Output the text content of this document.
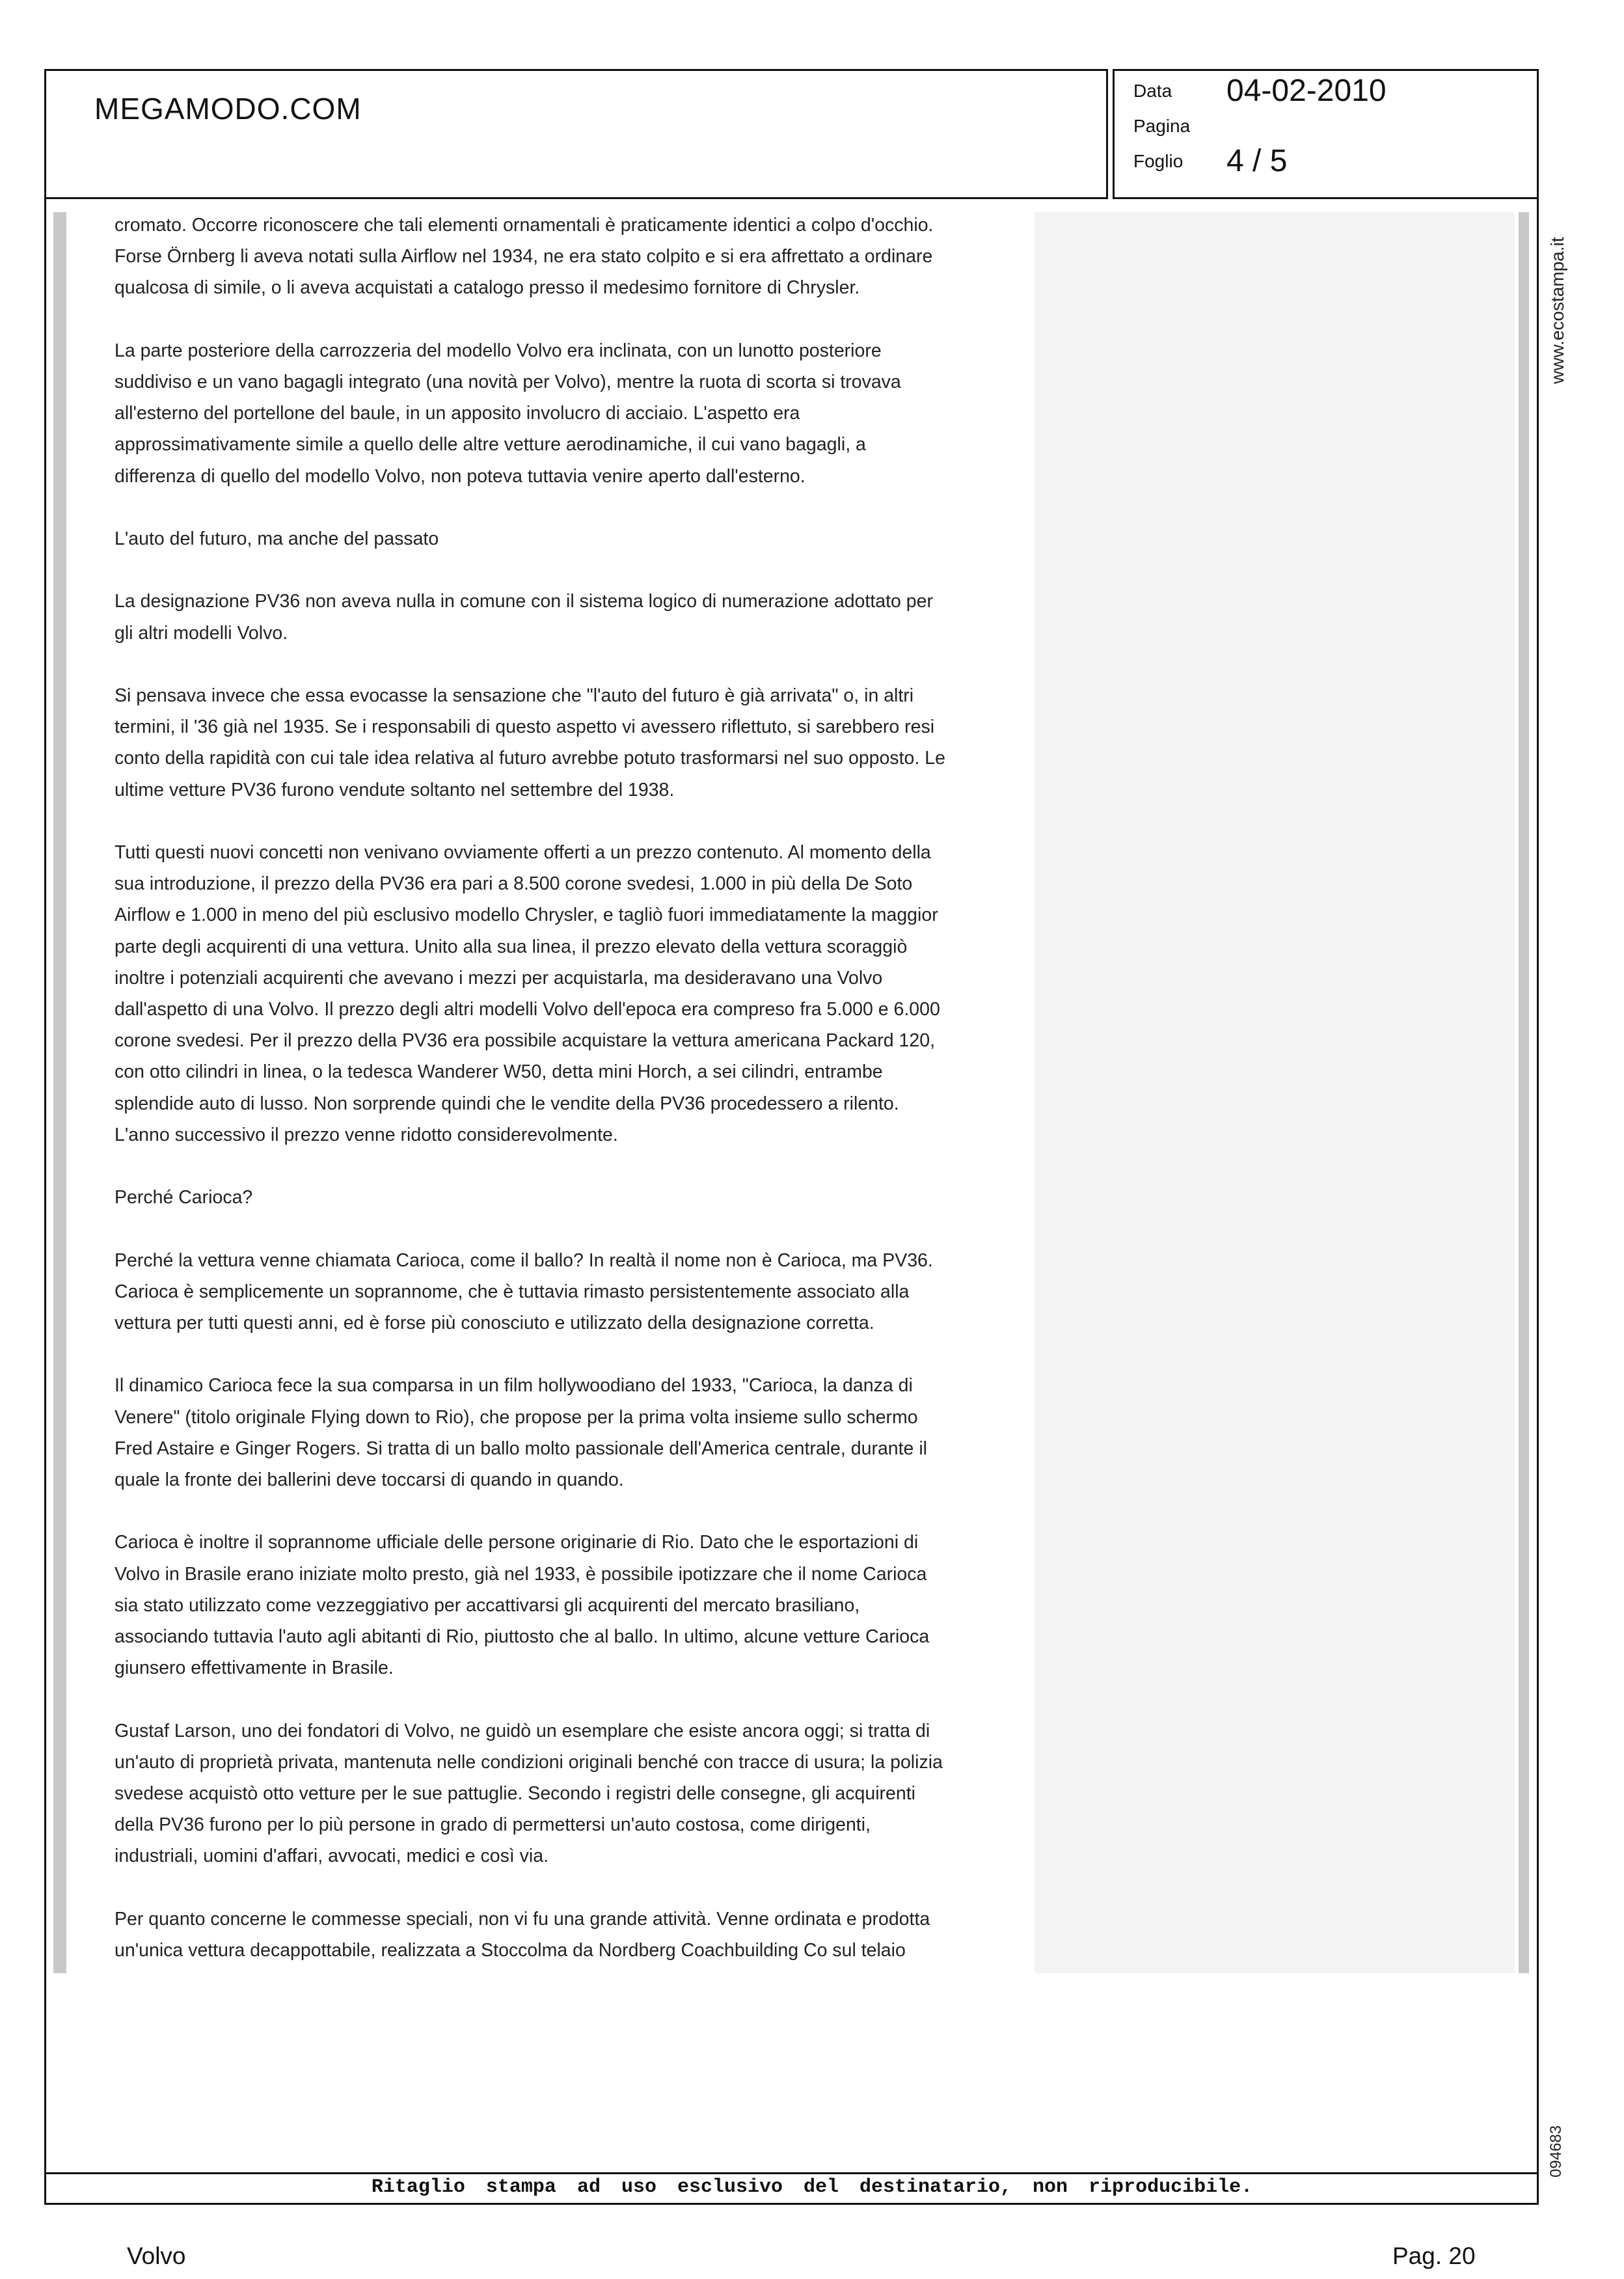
MEGAMODO.COM
Data 04-02-2010
Pagina
Foglio 4 / 5

cromato. Occorre riconoscere che tali elementi ornamentali è praticamente identici a colpo d'occhio.
Forse Örnberg li aveva notati sulla Airflow nel 1934, ne era stato colpito e si era affrettato a ordinare
qualcosa di simile, o li aveva acquistati a catalogo presso il medesimo fornitore di Chrysler.

La parte posteriore della carrozzeria del modello Volvo era inclinata, con un lunotto posteriore
suddiviso e un vano bagagli integrato (una novità per Volvo), mentre la ruota di scorta si trovava
all'esterno del portellone del baule, in un apposito involucro di acciaio. L'aspetto era
approssimativamente simile a quello delle altre vetture aerodinamiche, il cui vano bagagli, a
differenza di quello del modello Volvo, non poteva tuttavia venire aperto dall'esterno.

L'auto del futuro, ma anche del passato

La designazione PV36 non aveva nulla in comune con il sistema logico di numerazione adottato per
gli altri modelli Volvo.

Si pensava invece che essa evocasse la sensazione che "l'auto del futuro è già arrivata" o, in altri
termini, il '36 già nel 1935. Se i responsabili di questo aspetto vi avessero riflettuto, si sarebbero resi
conto della rapidità con cui tale idea relativa al futuro avrebbe potuto trasformarsi nel suo opposto. Le
ultime vetture PV36 furono vendute soltanto nel settembre del 1938.

Tutti questi nuovi concetti non venivano ovviamente offerti a un prezzo contenuto. Al momento della
sua introduzione, il prezzo della PV36 era pari a 8.500 corone svedesi, 1.000 in più della De Soto
Airflow e 1.000 in meno del più esclusivo modello Chrysler, e tagliò fuori immediatamente la maggior
parte degli acquirenti di una vettura. Unito alla sua linea, il prezzo elevato della vettura scoraggiò
inoltre i potenziali acquirenti che avevano i mezzi per acquistarla, ma desideravano una Volvo
dall'aspetto di una Volvo. Il prezzo degli altri modelli Volvo dell'epoca era compreso fra 5.000 e 6.000
corone svedesi. Per il prezzo della PV36 era possibile acquistare la vettura americana Packard 120,
con otto cilindri in linea, o la tedesca Wanderer W50, detta mini Horch, a sei cilindri, entrambe
splendide auto di lusso. Non sorprende quindi che le vendite della PV36 procedessero a rilento.
L'anno successivo il prezzo venne ridotto considerevolmente.

Perché Carioca?

Perché la vettura venne chiamata Carioca, come il ballo? In realtà il nome non è Carioca, ma PV36.
Carioca è semplicemente un soprannome, che è tuttavia rimasto persistentemente associato alla
vettura per tutti questi anni, ed è forse più conosciuto e utilizzato della designazione corretta.

Il dinamico Carioca fece la sua comparsa in un film hollywoodiano del 1933, "Carioca, la danza di
Venere" (titolo originale Flying down to Rio), che propose per la prima volta insieme sullo schermo
Fred Astaire e Ginger Rogers. Si tratta di un ballo molto passionale dell'America centrale, durante il
quale la fronte dei ballerini deve toccarsi di quando in quando.

Carioca è inoltre il soprannome ufficiale delle persone originarie di Rio. Dato che le esportazioni di
Volvo in Brasile erano iniziate molto presto, già nel 1933, è possibile ipotizzare che il nome Carioca
sia stato utilizzato come vezzeggiativo per accattivarsi gli acquirenti del mercato brasiliano,
associando tuttavia l'auto agli abitanti di Rio, piuttosto che al ballo. In ultimo, alcune vetture Carioca
giunsero effettivamente in Brasile.

Gustaf Larson, uno dei fondatori di Volvo, ne guidò un esemplare che esiste ancora oggi; si tratta di
un'auto di proprietà privata, mantenuta nelle condizioni originali benché con tracce di usura; la polizia
svedese acquistò otto vetture per le sue pattuglie. Secondo i registri delle consegne, gli acquirenti
della PV36 furono per lo più persone in grado di permettersi un'auto costosa, come dirigenti,
industriali, uomini d'affari, avvocati, medici e così via.

Per quanto concerne le commesse speciali, non vi fu una grande attività. Venne ordinata e prodotta
un'unica vettura decappottabile, realizzata a Stoccolma da Nordberg Coachbuilding Co sul telaio

www.ecostampa.it
094683
Ritaglio stampa ad uso esclusivo del destinatario, non riproducibile.
Volvo	Pag. 20
